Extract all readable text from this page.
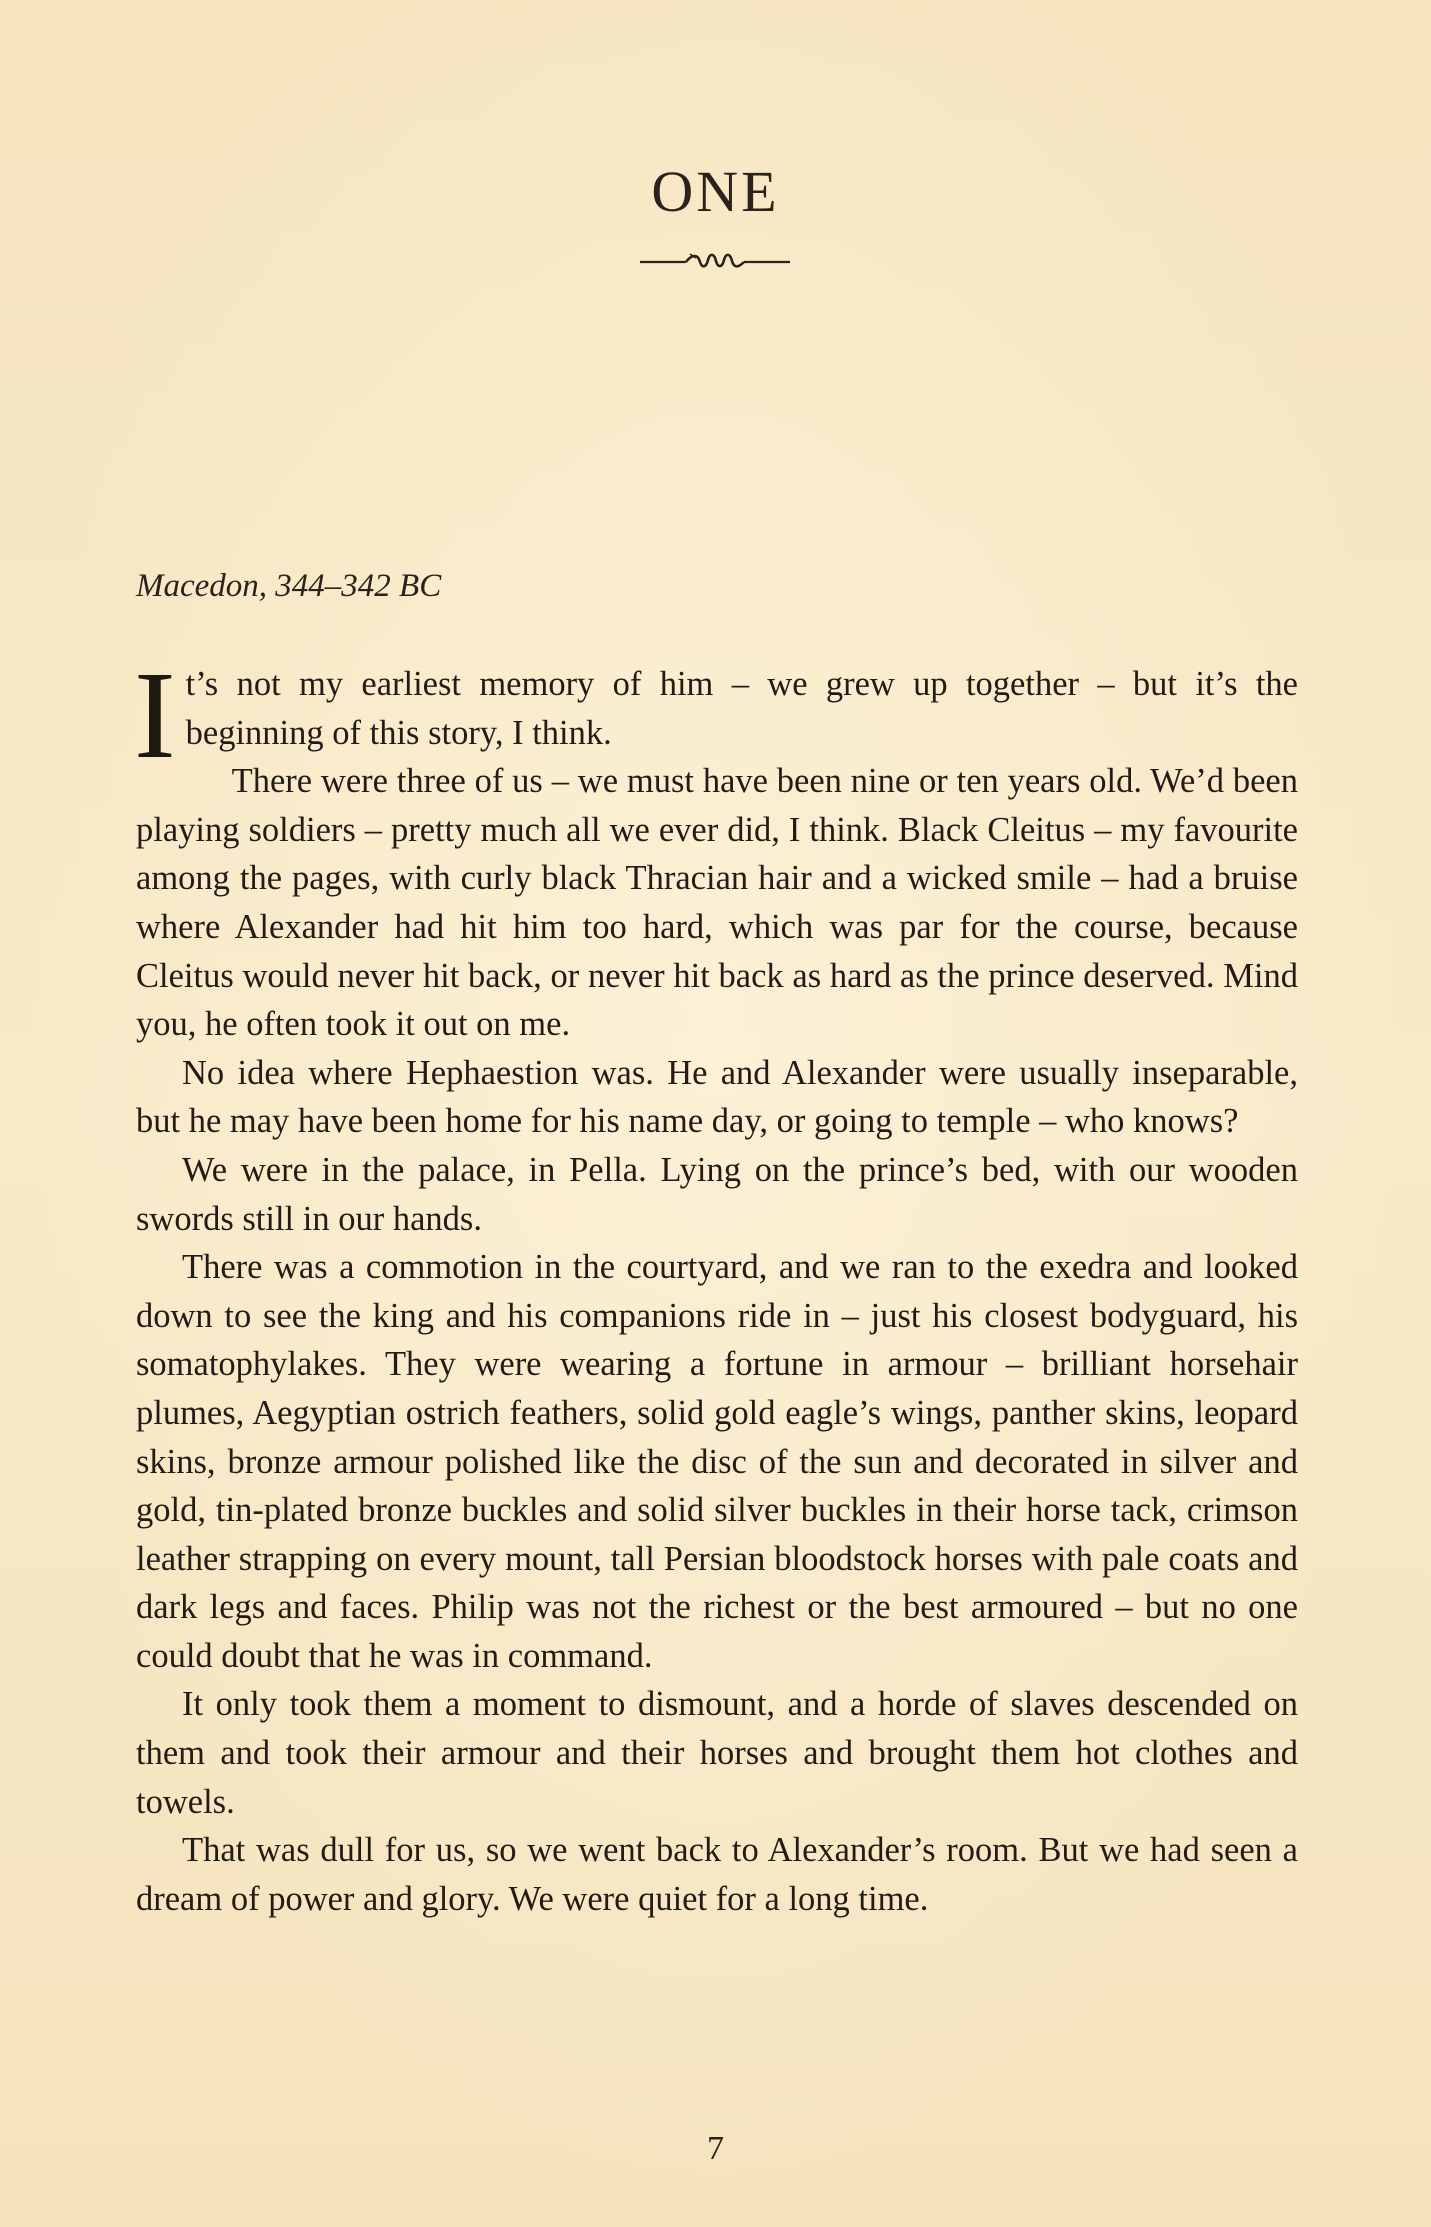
ONE
Macedon, 344–342 BC

It’s not my earliest memory of him – we grew up together – but it’s the beginning of this story, I think.

There were three of us – we must have been nine or ten years old. We’d been playing soldiers – pretty much all we ever did, I think. Black Cleitus – my favourite among the pages, with curly black Thracian hair and a wicked smile – had a bruise where Alexander had hit him too hard, which was par for the course, because Cleitus would never hit back, or never hit back as hard as the prince deserved. Mind you, he often took it out on me.

No idea where Hephaestion was. He and Alexander were usually inseparable, but he may have been home for his name day, or going to temple – who knows?

We were in the palace, in Pella. Lying on the prince’s bed, with our wooden swords still in our hands.

There was a commotion in the courtyard, and we ran to the exedra and looked down to see the king and his companions ride in – just his closest bodyguard, his somatophylakes. They were wearing a fortune in armour – brilliant horsehair plumes, Aegyptian ostrich feathers, solid gold eagle’s wings, panther skins, leopard skins, bronze armour polished like the disc of the sun and decorated in silver and gold, tin-plated bronze buckles and solid silver buckles in their horse tack, crimson leather strapping on every mount, tall Persian bloodstock horses with pale coats and dark legs and faces. Philip was not the richest or the best armoured – but no one could doubt that he was in command.

It only took them a moment to dismount, and a horde of slaves descended on them and took their armour and their horses and brought them hot clothes and towels.

That was dull for us, so we went back to Alexander’s room. But we had seen a dream of power and glory. We were quiet for a long time.

7
